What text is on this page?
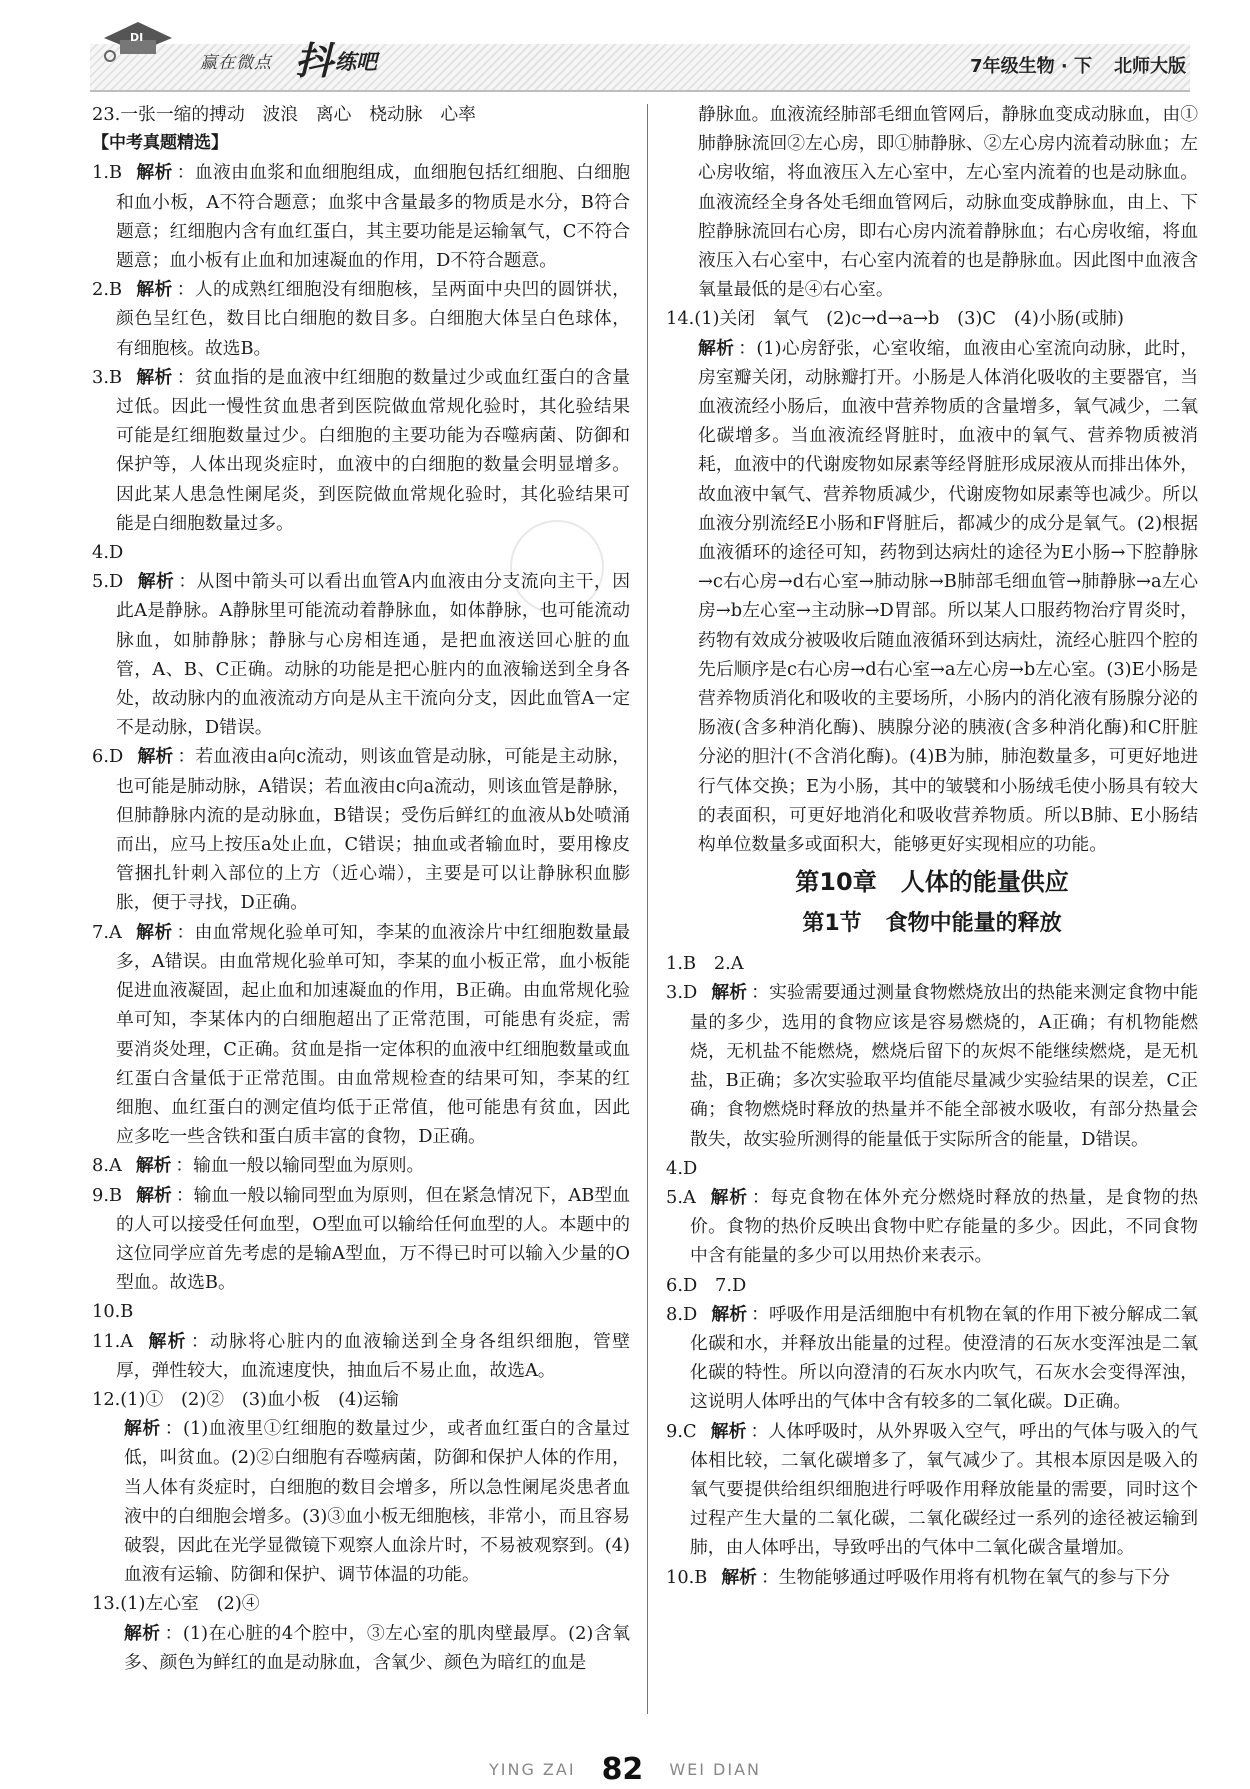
DI
赢在微点 抖 练吧	7年级生物 · 下 北师大版

23.一张一缩的搏动　波浪　离心　桡动脉　心率

【中考真题精选】

1.B 解析 ：血液由血浆和血细胞组成，血细胞包括红细胞、白细胞和血小板，A不符合题意；血浆中含量最多的物质是水分，B符合题意；红细胞内含有血红蛋白，其主要功能是运输氧气，C不符合题意；血小板有止血和加速凝血的作用，D不符合题意。

2.B 解析 ：人的成熟红细胞没有细胞核，呈两面中央凹的圆饼状，颜色呈红色，数目比白细胞的数目多。白细胞大体呈白色球体，有细胞核。故选B。

3.B 解析 ：贫血指的是血液中红细胞的数量过少或血红蛋白的含量过低。因此一慢性贫血患者到医院做血常规化验时，其化验结果可能是红细胞数量过少。白细胞的主要功能为吞噬病菌、防御和保护等，人体出现炎症时，血液中的白细胞的数量会明显增多。因此某人患急性阑尾炎，到医院做血常规化验时，其化验结果可能是白细胞数量过多。

4.D

5.D 解析 ：从图中箭头可以看出血管A内血液由分支流向主干，因此A是静脉。A静脉里可能流动着静脉血，如体静脉，也可能流动脉血，如肺静脉；静脉与心房相连通，是把血液送回心脏的血管，A、B、C正确。动脉的功能是把心脏内的血液输送到全身各处，故动脉内的血液流动方向是从主干流向分支，因此血管A一定不是动脉，D错误。

6.D 解析 ：若血液由a向c流动，则该血管是动脉，可能是主动脉，也可能是肺动脉，A错误；若血液由c向a流动，则该血管是静脉，但肺静脉内流的是动脉血，B错误；受伤后鲜红的血液从b处喷涌而出，应马上按压a处止血，C错误；抽血或者输血时，要用橡皮管捆扎针刺入部位的上方（近心端），主要是可以让静脉积血膨胀，便于寻找，D正确。

7.A 解析 ：由血常规化验单可知，李某的血液涂片中红细胞数量最多，A错误。由血常规化验单可知，李某的血小板正常，血小板能促进血液凝固，起止血和加速凝血的作用，B正确。由血常规化验单可知，李某体内的白细胞超出了正常范围，可能患有炎症，需要消炎处理，C正确。贫血是指一定体积的血液中红细胞数量或血红蛋白含量低于正常范围。由血常规检查的结果可知，李某的红细胞、血红蛋白的测定值均低于正常值，他可能患有贫血，因此应多吃一些含铁和蛋白质丰富的食物，D正确。

8.A 解析 ：输血一般以输同型血为原则。

9.B 解析 ：输血一般以输同型血为原则，但在紧急情况下，AB型血的人可以接受任何血型，O型血可以输给任何血型的人。本题中的这位同学应首先考虑的是输A型血，万不得已时可以输入少量的O型血。故选B。

10.B

11.A 解析 ：动脉将心脏内的血液输送到全身各组织细胞，管壁厚，弹性较大，血流速度快，抽血后不易止血，故选A。

12.(1)①　(2)②　(3)血小板　(4)运输

解析 ：(1)血液里①红细胞的数量过少，或者血红蛋白的含量过低，叫贫血。(2)②白细胞有吞噬病菌，防御和保护人体的作用，当人体有炎症时，白细胞的数目会增多，所以急性阑尾炎患者血液中的白细胞会增多。(3)③血小板无细胞核，非常小，而且容易破裂，因此在光学显微镜下观察人血涂片时，不易被观察到。(4)血液有运输、防御和保护、调节体温的功能。

13.(1)左心室　(2)④

解析 ：(1)在心脏的4个腔中，③左心室的肌肉壁最厚。(2)含氧多、颜色为鲜红的血是动脉血，含氧少、颜色为暗红的血是

静脉血。血液流经肺部毛细血管网后，静脉血变成动脉血，由①肺静脉流回②左心房，即①肺静脉、②左心房内流着动脉血；左心房收缩，将血液压入左心室中，左心室内流着的也是动脉血。血液流经全身各处毛细血管网后，动脉血变成静脉血，由上、下腔静脉流回右心房，即右心房内流着静脉血；右心房收缩，将血液压入右心室中，右心室内流着的也是静脉血。因此图中血液含氧量最低的是④右心室。

14.(1)关闭　氧气　(2)c→d→a→b　(3)C　(4)小肠(或肺)

解析 ：(1)心房舒张，心室收缩，血液由心室流向动脉，此时，房室瓣关闭，动脉瓣打开。小肠是人体消化吸收的主要器官，当血液流经小肠后，血液中营养物质的含量增多，氧气减少，二氧化碳增多。当血液流经肾脏时，血液中的氧气、营养物质被消耗，血液中的代谢废物如尿素等经肾脏形成尿液从而排出体外，故血液中氧气、营养物质减少，代谢废物如尿素等也减少。所以血液分别流经E小肠和F肾脏后，都减少的成分是氧气。(2)根据血液循环的途径可知，药物到达病灶的途径为E小肠→下腔静脉→c右心房→d右心室→肺动脉→B肺部毛细血管→肺静脉→a左心房→b左心室→主动脉→D胃部。所以某人口服药物治疗胃炎时，药物有效成分被吸收后随血液循环到达病灶，流经心脏四个腔的先后顺序是c右心房→d右心室→a左心房→b左心室。(3)E小肠是营养物质消化和吸收的主要场所，小肠内的消化液有肠腺分泌的肠液(含多种消化酶)、胰腺分泌的胰液(含多种消化酶)和C肝脏分泌的胆汁(不含消化酶)。(4)B为肺，肺泡数量多，可更好地进行气体交换；E为小肠，其中的皱襞和小肠绒毛使小肠具有较大的表面积，可更好地消化和吸收营养物质。所以B肺、E小肠结构单位数量多或面积大，能够更好实现相应的功能。

第10章 人体的能量供应
第1节 食物中能量的释放

1.B　2.A

3.D 解析 ：实验需要通过测量食物燃烧放出的热能来测定食物中能量的多少，选用的食物应该是容易燃烧的，A正确；有机物能燃烧，无机盐不能燃烧，燃烧后留下的灰烬不能继续燃烧，是无机盐，B正确；多次实验取平均值能尽量减少实验结果的误差，C正确；食物燃烧时释放的热量并不能全部被水吸收，有部分热量会散失，故实验所测得的能量低于实际所含的能量，D错误。

4.D

5.A 解析 ：每克食物在体外充分燃烧时释放的热量，是食物的热价。食物的热价反映出食物中贮存能量的多少。因此，不同食物中含有能量的多少可以用热价来表示。

6.D　7.D

8.D 解析 ：呼吸作用是活细胞中有机物在氧的作用下被分解成二氧化碳和水，并释放出能量的过程。使澄清的石灰水变浑浊是二氧化碳的特性。所以向澄清的石灰水内吹气，石灰水会变得浑浊，这说明人体呼出的气体中含有较多的二氧化碳。D正确。

9.C 解析 ：人体呼吸时，从外界吸入空气，呼出的气体与吸入的气体相比较，二氧化碳增多了，氧气减少了。其根本原因是吸入的氧气要提供给组织细胞进行呼吸作用释放能量的需要，同时这个过程产生大量的二氧化碳，二氧化碳经过一系列的途径被运输到肺，由人体呼出，导致呼出的气体中二氧化碳含量增加。

10.B 解析 ：生物能够通过呼吸作用将有机物在氧气的参与下分

YING ZAI 82 WEI DIAN
